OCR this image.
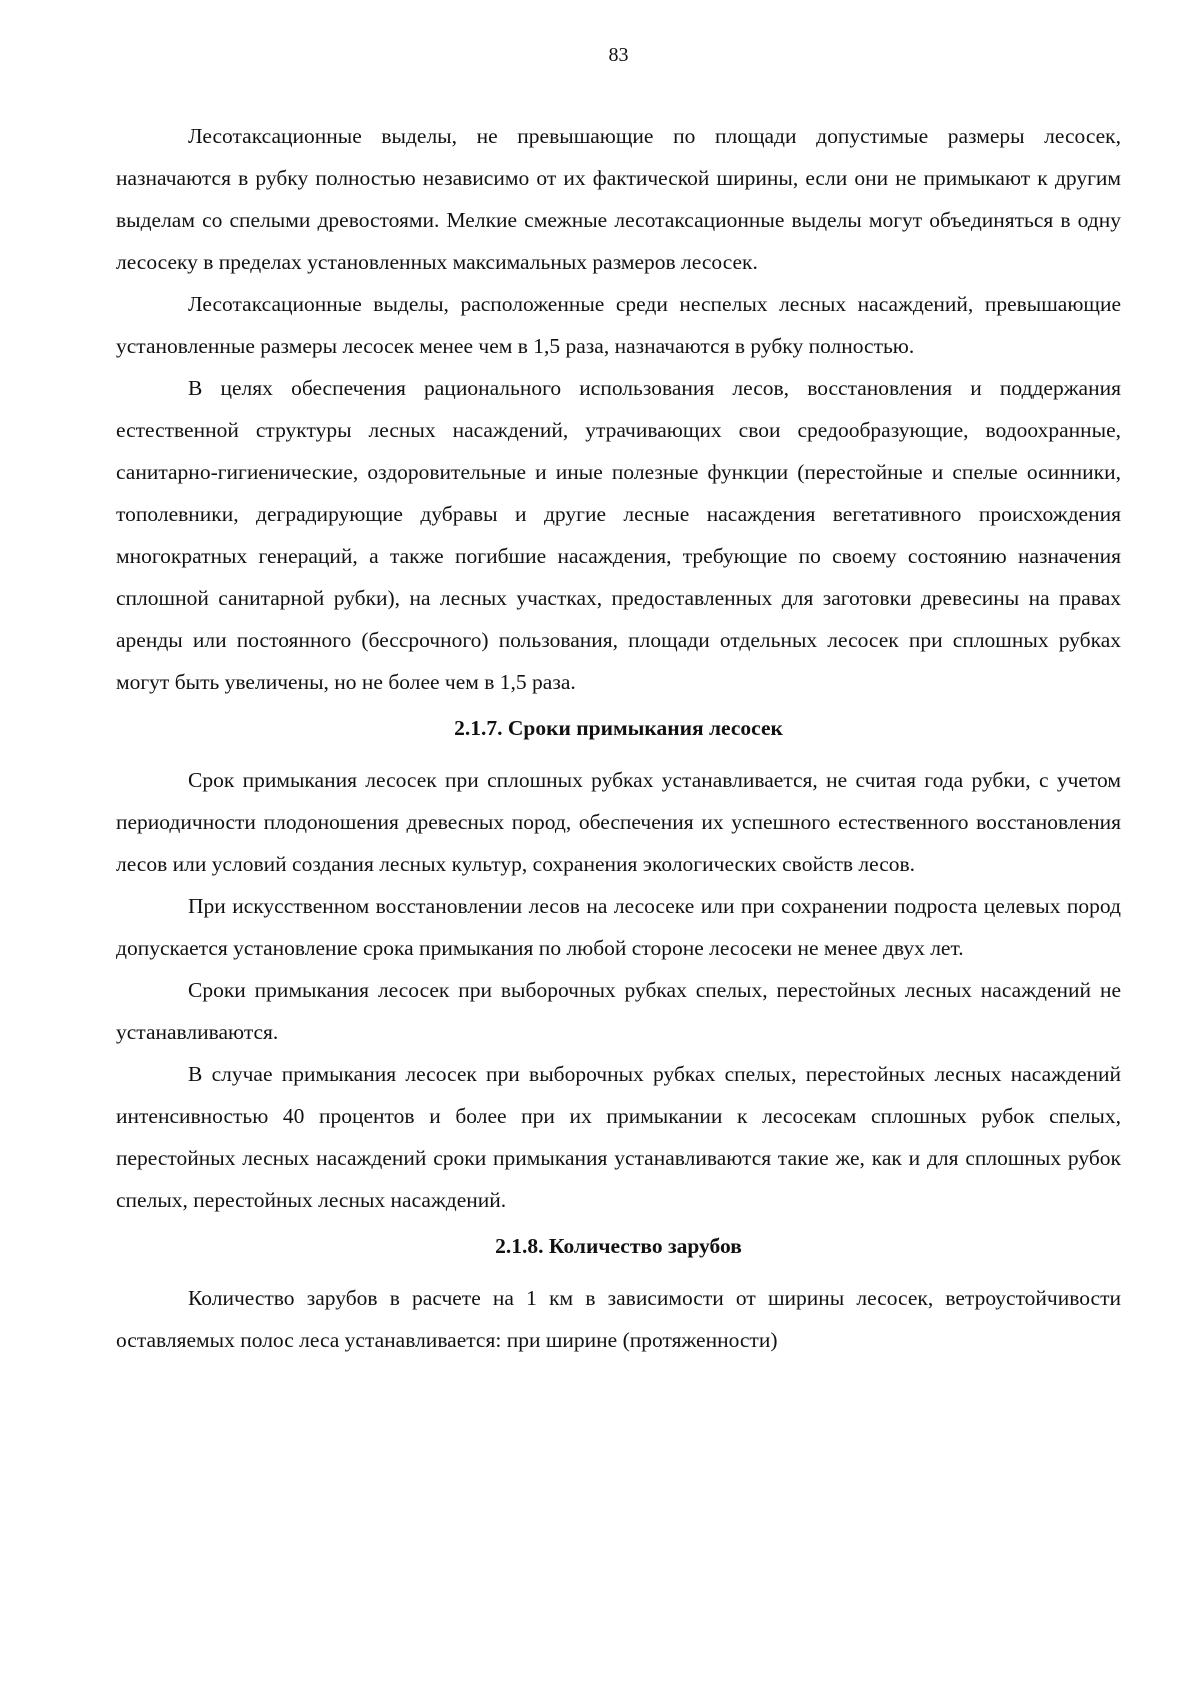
83

Лесотаксационные выделы, не превышающие по площади допустимые размеры лесосек, назначаются в рубку полностью независимо от их фактической ширины, если они не примыкают к другим выделам со спелыми древостоями. Мелкие смежные лесотаксационные выделы могут объединяться в одну лесосеку в пределах установленных максимальных размеров лесосек.

Лесотаксационные выделы, расположенные среди неспелых лесных насаждений, превышающие установленные размеры лесосек менее чем в 1,5 раза, назначаются в рубку полностью.

В целях обеспечения рационального использования лесов, восстановления и поддержания естественной структуры лесных насаждений, утрачивающих свои средообразующие, водоохранные, санитарно-гигиенические, оздоровительные и иные полезные функции (перестойные и спелые осинники, тополевники, деградирующие дубравы и другие лесные насаждения вегетативного происхождения многократных генераций, а также погибшие насаждения, требующие по своему состоянию назначения сплошной санитарной рубки), на лесных участках, предоставленных для заготовки древесины на правах аренды или постоянного (бессрочного) пользования, площади отдельных лесосек при сплошных рубках могут быть увеличены, но не более чем в 1,5 раза.

2.1.7. Сроки примыкания лесосек

Срок примыкания лесосек при сплошных рубках устанавливается, не считая года рубки, с учетом периодичности плодоношения древесных пород, обеспечения их успешного естественного восстановления лесов или условий создания лесных культур, сохранения экологических свойств лесов.

При искусственном восстановлении лесов на лесосеке или при сохранении подроста целевых пород допускается установление срока примыкания по любой стороне лесосеки не менее двух лет.

Сроки примыкания лесосек при выборочных рубках спелых, перестойных лесных насаждений не устанавливаются.

В случае примыкания лесосек при выборочных рубках спелых, перестойных лесных насаждений интенсивностью 40 процентов и более при их примыкании к лесосекам сплошных рубок спелых, перестойных лесных насаждений сроки примыкания устанавливаются такие же, как и для сплошных рубок спелых, перестойных лесных насаждений.

2.1.8. Количество зарубов

Количество зарубов в расчете на 1 км в зависимости от ширины лесосек, ветроустойчивости оставляемых полос леса устанавливается: при ширине (протяженности)
